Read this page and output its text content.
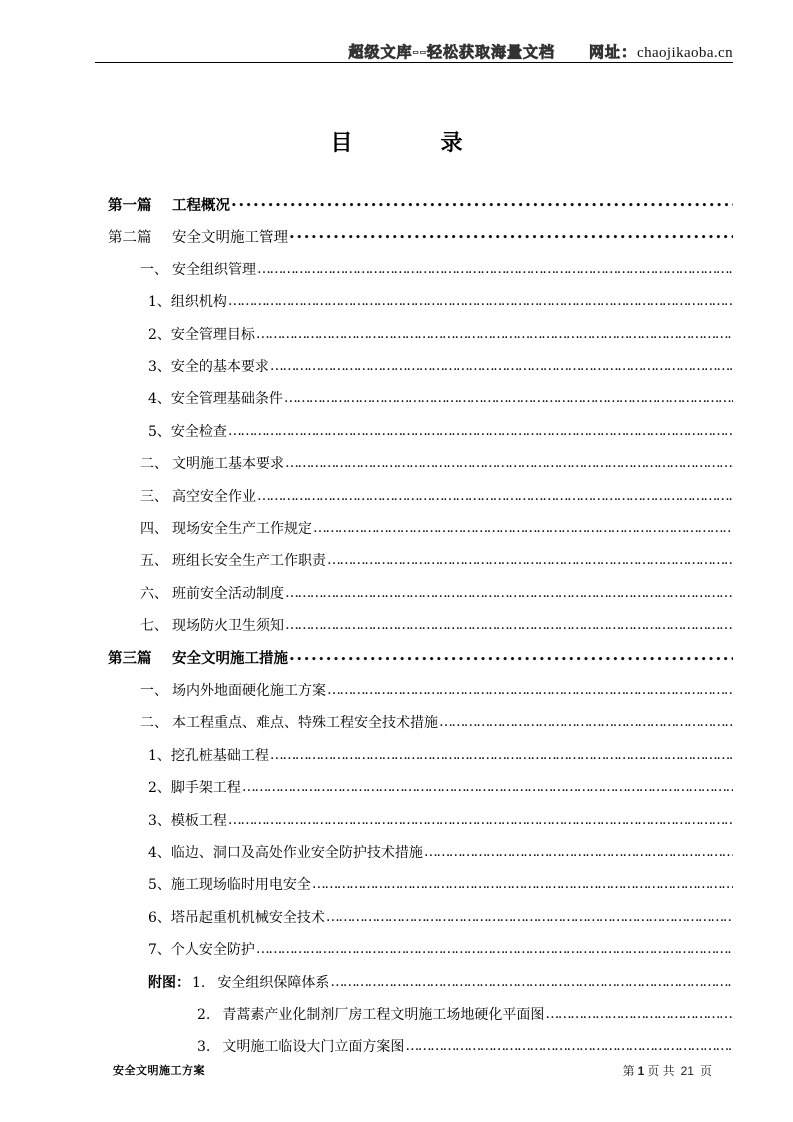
超级文库--轻松获取海量文档 网址：chaojikaoba.cn
目	录
第一篇 工程概况
•••••
第二篇 安全文明施工管理
•••••
一、 安全组织管理
……………………………………………………………………………………………………………………………………………………………………………………………………
1、组织机构
……………………………………………………………………………………………………………………………………………………………………………………………………
2、安全管理目标
……………………………………………………………………………………………………………………………………………………………………………………………………
3、安全的基本要求
……………………………………………………………………………………………………………………………………………………………………………………………………
4、安全管理基础条件
……………………………………………………………………………………………………………………………………………………………………………………………………
5、安全检查
……………………………………………………………………………………………………………………………………………………………………………………………………
二、 文明施工基本要求
……………………………………………………………………………………………………………………………………………………………………………………………………
三、 高空安全作业
……………………………………………………………………………………………………………………………………………………………………………………………………
四、 现场安全生产工作规定
……………………………………………………………………………………………………………………………………………………………………………………………………
五、 班组长安全生产工作职责
……………………………………………………………………………………………………………………………………………………………………………………………………
六、 班前安全活动制度
……………………………………………………………………………………………………………………………………………………………………………………………………
七、 现场防火卫生须知
……………………………………………………………………………………………………………………………………………………………………………………………………
第三篇 安全文明施工措施
•••••
一、 场内外地面硬化施工方案
……………………………………………………………………………………………………………………………………………………………………………………………………
二、 本工程重点、难点、特殊工程安全技术措施
……………………………………………………………………………………………………………………………………………………………………………………………………
1、挖孔桩基础工程
……………………………………………………………………………………………………………………………………………………………………………………………………
2、脚手架工程
……………………………………………………………………………………………………………………………………………………………………………………………………
3、模板工程
……………………………………………………………………………………………………………………………………………………………………………………………………
4、临边、洞口及高处作业安全防护技术措施
……………………………………………………………………………………………………………………………………………………………………………………………………
5、施工现场临时用电安全
……………………………………………………………………………………………………………………………………………………………………………………………………
6、塔吊起重机机械安全技术
……………………………………………………………………………………………………………………………………………………………………………………………………
7、个人安全防护
……………………………………………………………………………………………………………………………………………………………………………………………………
附图： 1. 安全组织保障体系
……………………………………………………………………………………………………………………………………………………………………………………………………
2. 青蒿素产业化制剂厂房工程文明施工场地硬化平面图
……………………………………………………………………………………………………………………………………………………………………………………………………
3. 文明施工临设大门立面方案图
……………………………………………………………………………………………………………………………………………………………………………………………………
安全文明施工方案	第 1 页 共 21 页
